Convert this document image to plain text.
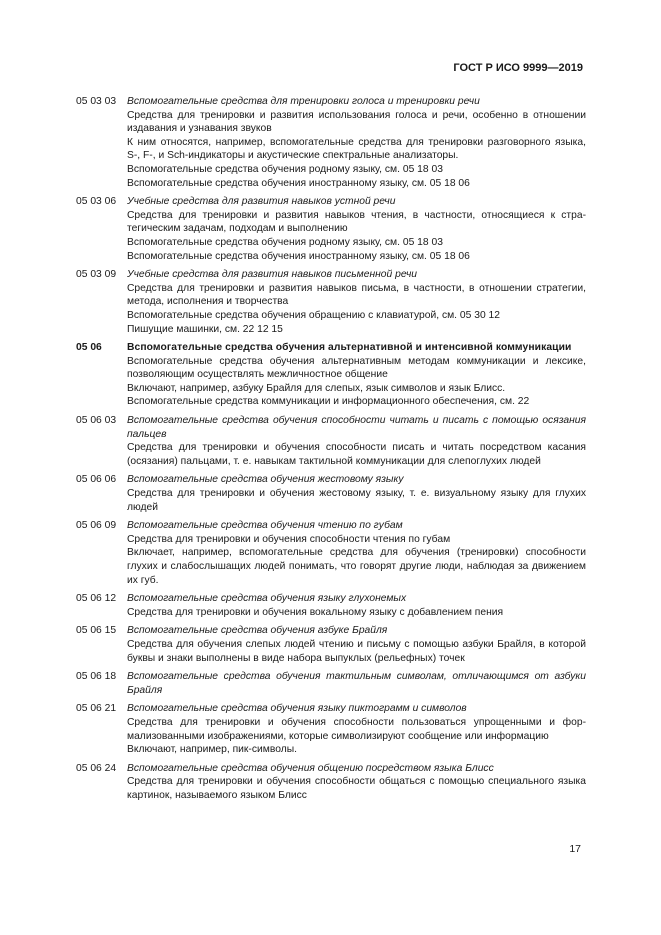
ГОСТ Р ИСО 9999—2019
05 03 03	Вспомогательные средства для тренировки голоса и тренировки речи
Средства для тренировки и развития использования голоса и речи, особенно в отношении издавания и узнавания звуков
К ним относятся, например, вспомогательные средства для тренировки разговорного языка, S-, F-, и Sch-индикаторы и акустические спектральные анализаторы.
Вспомогательные средства обучения родному языку, см. 05 18 03
Вспомогательные средства обучения иностранному языку, см. 05 18 06
05 03 06	Учебные средства для развития навыков устной речи
Средства для тренировки и развития навыков чтения, в частности, относящиеся к стратегическим задачам, подходам и выполнению
Вспомогательные средства обучения родному языку, см. 05 18 03
Вспомогательные средства обучения иностранному языку, см. 05 18 06
05 03 09	Учебные средства для развития навыков письменной речи
Средства для тренировки и развития навыков письма, в частности, в отношении стратегии, метода, исполнения и творчества
Вспомогательные средства обучения обращению с клавиатурой, см. 05 30 12
Пишущие машинки, см. 22 12 15
05 06	Вспомогательные средства обучения альтернативной и интенсивной коммуникации
Вспомогательные средства обучения альтернативным методам коммуникации и лексике, позволяющим осуществлять межличностное общение
Включают, например, азбуку Брайля для слепых, язык символов и язык Блисс.
Вспомогательные средства коммуникации и информационного обеспечения, см. 22
05 06 03	Вспомогательные средства обучения способности читать и писать с помощью осязания пальцев
Средства для тренировки и обучения способности писать и читать посредством касания (осязания) пальцами, т. е. навыкам тактильной коммуникации для слепоглухих людей
05 06 06	Вспомогательные средства обучения жестовому языку
Средства для тренировки и обучения жестовому языку, т. е. визуальному языку для глухих людей
05 06 09	Вспомогательные средства обучения чтению по губам
Средства для тренировки и обучения способности чтения по губам
Включает, например, вспомогательные средства для обучения (тренировки) способности глухих и слабослышащих людей понимать, что говорят другие люди, наблюдая за движением их губ.
05 06 12	Вспомогательные средства обучения языку глухонемых
Средства для тренировки и обучения вокальному языку с добавлением пения
05 06 15	Вспомогательные средства обучения азбуке Брайля
Средства для обучения слепых людей чтению и письму с помощью азбуки Брайля, в которой буквы и знаки выполнены в виде набора выпуклых (рельефных) точек
05 06 18	Вспомогательные средства обучения тактильным символам, отличающимся от азбуки Брайля
05 06 21	Вспомогательные средства обучения языку пиктограмм и символов
Средства для тренировки и обучения способности пользоваться упрощенными и формализованными изображениями, которые символизируют сообщение или информацию
Включают, например, пик-символы.
05 06 24	Вспомогательные средства обучения общению посредством языка Блисс
Средства для тренировки и обучения способности общаться с помощью специального языка картинок, называемого языком Блисс
17
